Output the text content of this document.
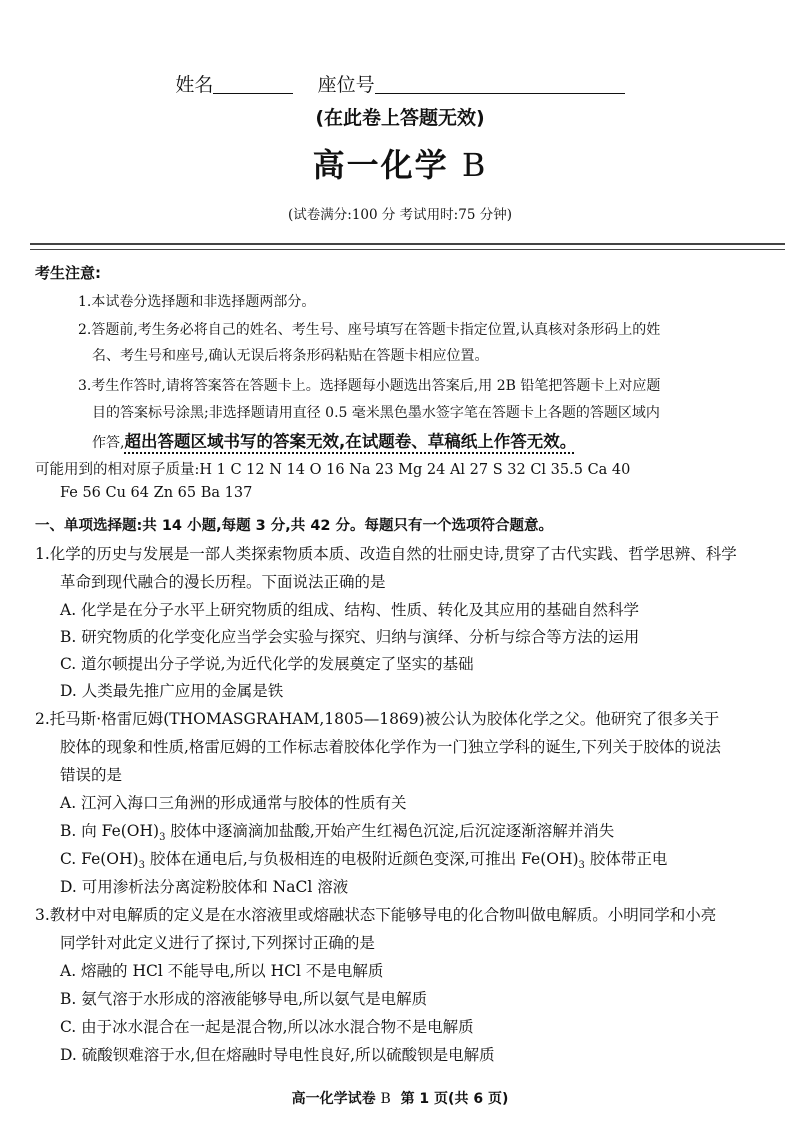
姓名	座位号
(在此卷上答题无效)
高一化学 B
(试卷满分:100 分 考试用时:75 分钟)
考生注意:
1.本试卷分选择题和非选择题两部分。
2.答题前,考生务必将自己的姓名、考生号、座号填写在答题卡指定位置,认真核对条形码上的姓
名、考生号和座号,确认无误后将条形码粘贴在答题卡相应位置。
3.考生作答时,请将答案答在答题卡上。选择题每小题选出答案后,用 2B 铅笔把答题卡上对应题
目的答案标号涂黑;非选择题请用直径 0.5 毫米黑色墨水签字笔在答题卡上各题的答题区域内
作答,超出答题区域书写的答案无效,在试题卷、草稿纸上作答无效。
可能用到的相对原子质量:H 1 C 12 N 14 O 16 Na 23 Mg 24 Al 27 S 32 Cl 35.5 Ca 40
Fe 56 Cu 64 Zn 65 Ba 137
一、单项选择题:共 14 小题,每题 3 分,共 42 分。每题只有一个选项符合题意。
1.化学的历史与发展是一部人类探索物质本质、改造自然的壮丽史诗,贯穿了古代实践、哲学思辨、科学
革命到现代融合的漫长历程。下面说法正确的是
A. 化学是在分子水平上研究物质的组成、结构、性质、转化及其应用的基础自然科学
B. 研究物质的化学变化应当学会实验与探究、归纳与演绎、分析与综合等方法的运用
C. 道尔顿提出分子学说,为近代化学的发展奠定了坚实的基础
D. 人类最先推广应用的金属是铁
2.托马斯·格雷厄姆(THOMASGRAHAM,1805—1869)被公认为胶体化学之父。他研究了很多关于
胶体的现象和性质,格雷厄姆的工作标志着胶体化学作为一门独立学科的诞生,下列关于胶体的说法
错误的是
A. 江河入海口三角洲的形成通常与胶体的性质有关
B. 向 $Fe(OH)_3$ 胶体中逐滴滴加盐酸,开始产生红褐色沉淀,后沉淀逐渐溶解并消失
C. $Fe(OH)_3$ 胶体在通电后,与负极相连的电极附近颜色变深,可推出 $Fe(OH)_3$ 胶体带正电
D. 可用渗析法分离淀粉胶体和 NaCl 溶液
3.教材中对电解质的定义是在水溶液里或熔融状态下能够导电的化合物叫做电解质。小明同学和小亮
同学针对此定义进行了探讨,下列探讨正确的是
A. 熔融的 HCl 不能导电,所以 HCl 不是电解质
B. 氨气溶于水形成的溶液能够导电,所以氨气是电解质
C. 由于冰水混合在一起是混合物,所以冰水混合物不是电解质
D. 硫酸钡难溶于水,但在熔融时导电性良好,所以硫酸钡是电解质
高一化学试卷 B 第 1 页(共 6 页)
